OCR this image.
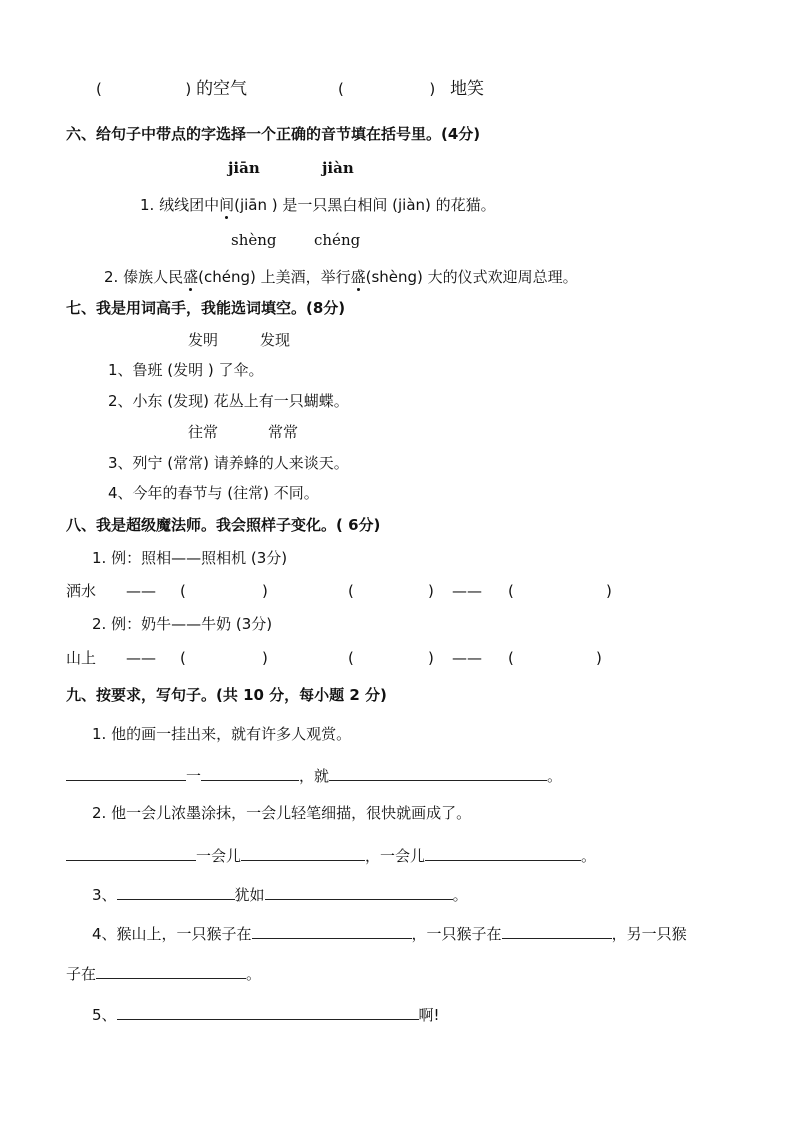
(	) 的空气	(	) 地笑
六、给句子中带点的字选择一个正确的音节填在括号里。(4分)
jiān	jiàn
1. 绒线团中间(jiān ) 是一只黑白相间 (jiàn) 的花猫。
shèng	chéng
2. 傣族人民盛(chéng) 上美酒，举行盛(shèng) 大的仪式欢迎周总理。
七、我是用词高手，我能选词填空。(8分)
发明	发现
1、鲁班 (发明 ) 了伞。
2、小东 (发现) 花丛上有一只蝴蝶。
往常	常常
3、列宁 (常常) 请养蜂的人来谈天。
4、今年的春节与 (往常) 不同。
八、我是超级魔法师。我会照样子变化。( 6分)
1. 例：照相——照相机 (3分)
洒水 —— (	)	(	) —— (	)
2. 例：奶牛——牛奶 (3分)
山上 —— (	)	(	) —— (	)
九、按要求，写句子。(共 10 分，每小题 2 分)
1. 他的画一挂出来，就有许多人观赏。
一	，就	。
2. 他一会儿浓墨涂抹，一会儿轻笔细描，很快就画成了。
一会儿	，一会儿	。
3、	犹如	。
4、猴山上，一只猴子在	，一只猴子在	，另一只猴
子在	。
5、	啊!
